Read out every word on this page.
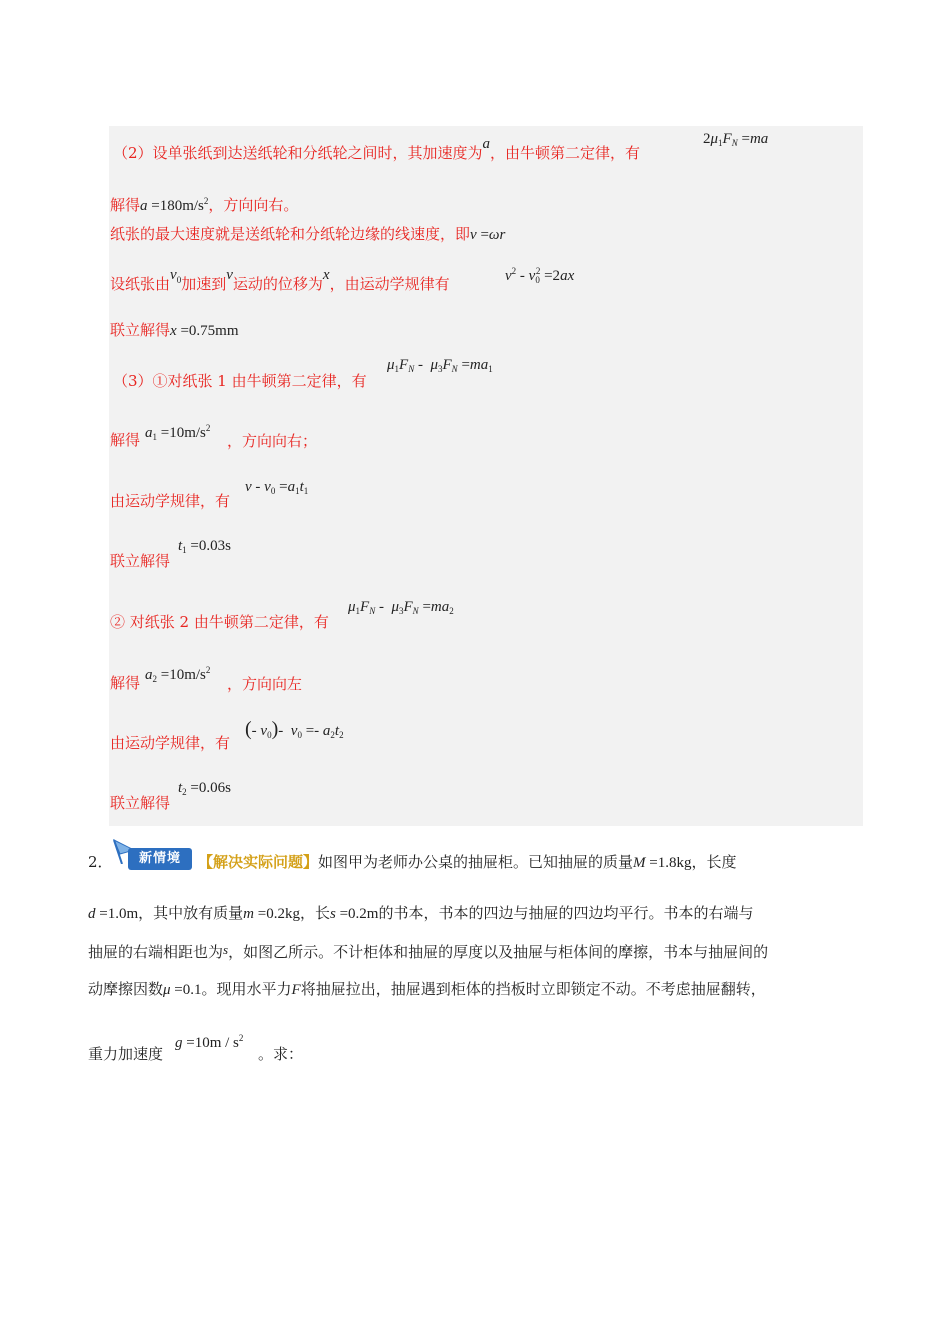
（2）设单张纸到达送纸轮和分纸轮之间时，其加速度为a，由牛顿第二定律，有
$2\mu_1F_N =ma$
解得$a =180m/s^2$，方向向右。
纸张的最大速度就是送纸轮和分纸轮边缘的线速度，即v =ωr
设纸张由$v_0$加速到v运动的位移为x，由运动学规律有	$v^2 - v_0^2 =2ax$
联立解得x =0.75mm
（3）①对纸张 1 由牛顿第二定律，有
$\mu_1F_N - \mu_3F_N =ma_1$
解得 $a_1 =10m/s^2$
，方向向右；
由运动学规律，有
$v - v_0 =a_1t_1$
联立解得
$t_1 =0.03s$
② 对纸张 2 由牛顿第二定律，有
$\mu_1F_N - \mu_3F_N =ma_2$
解得 $a_2 =10m/s^2$
，方向向左
由运动学规律，有
(- $v_0)-$  $v_0 =- a_2t_2$
联立解得
$t_2 =0.06s$
2．	新情境	【解决实际问题】如图甲为老师办公桌的抽屉柜。已知抽屉的质量M =1.8kg，长度
d =1.0m，其中放有质量m =0.2kg，长s =0.2m的书本，书本的四边与抽屉的四边均平行。书本的右端与
抽屉的右端相距也为s，如图乙所示。不计柜体和抽屉的厚度以及抽屉与柜体间的摩擦，书本与抽屉间的
动摩擦因数μ =0.1。现用水平力F将抽屉拉出，抽屉遇到柜体的挡板时立即锁定不动。不考虑抽屉翻转，
重力加速度
$g =10m / s^2$
。求：
